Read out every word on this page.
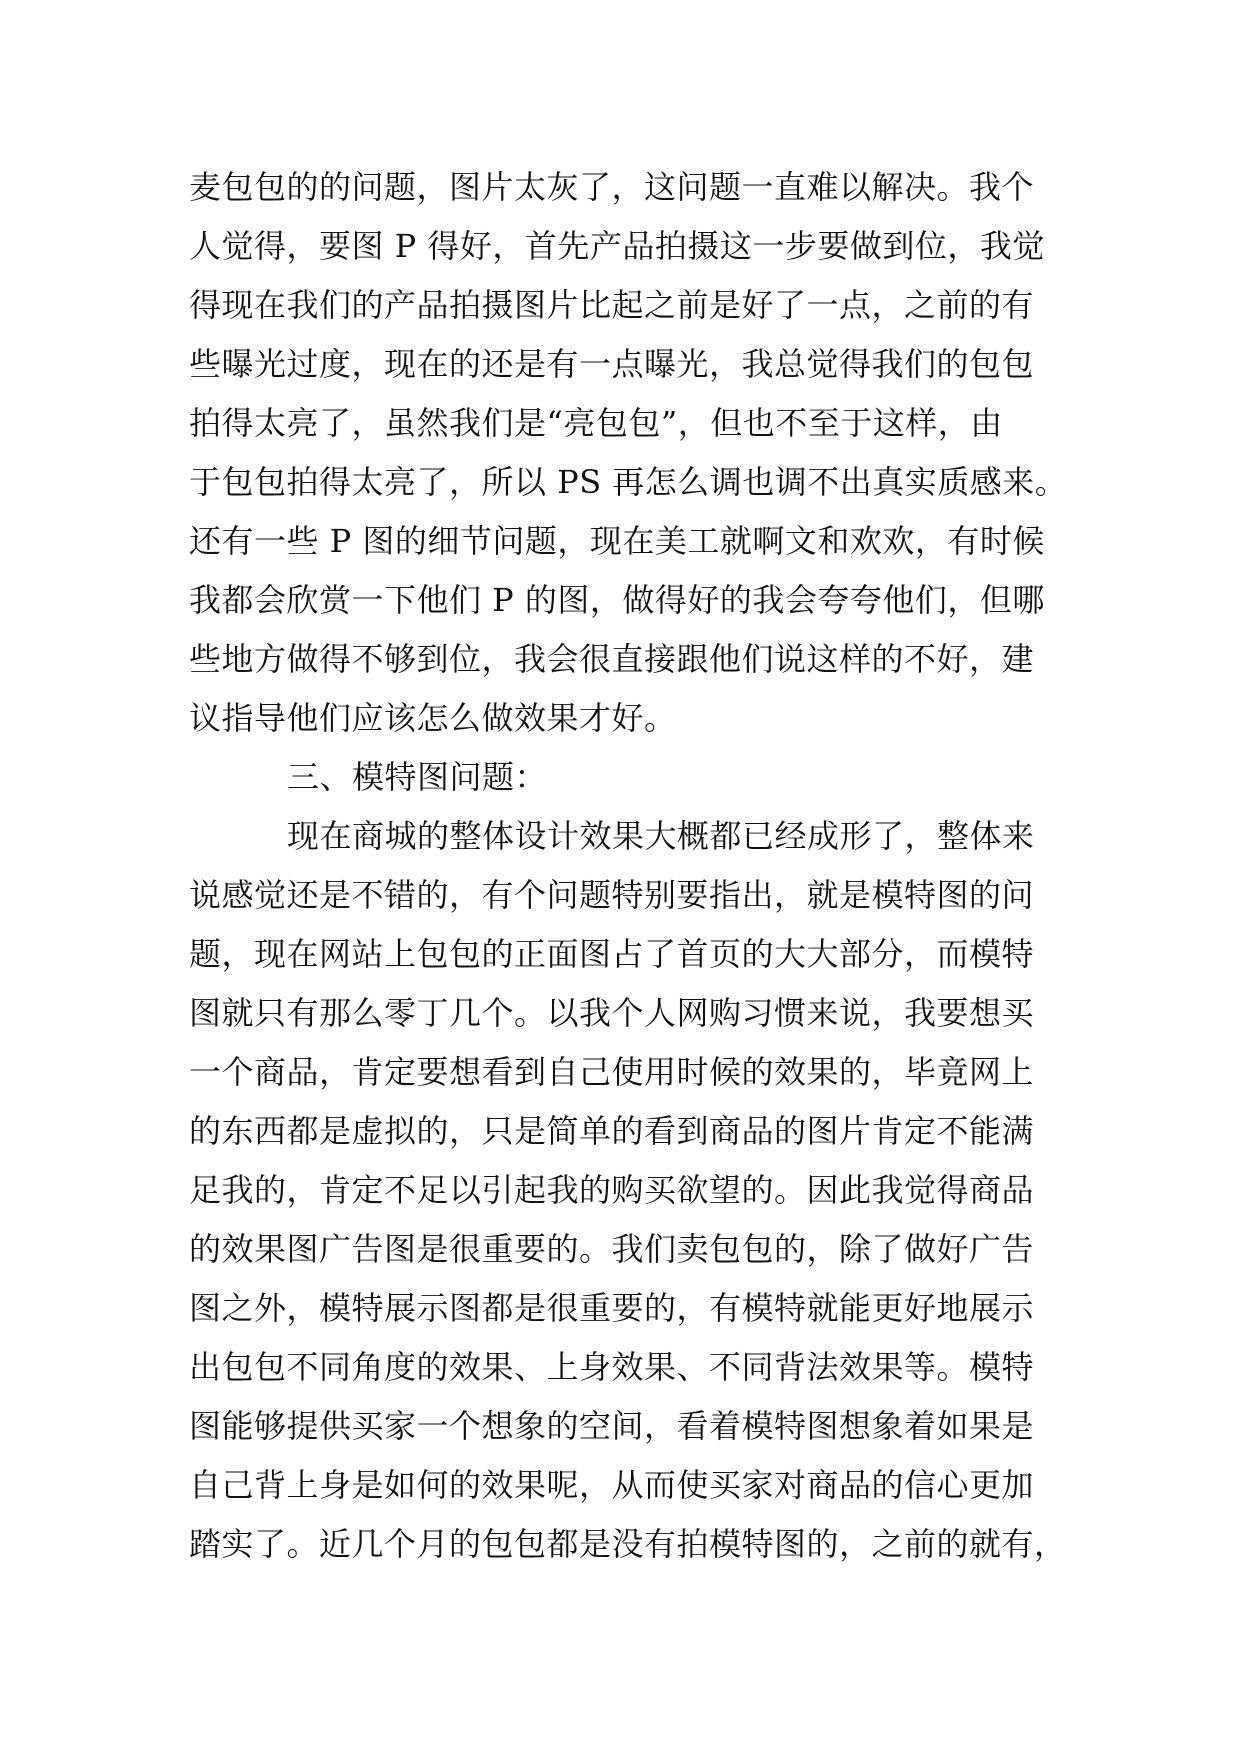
麦包包的的问题，图片太灰了，这问题一直难以解决。我个
人觉得，要图 P 得好，首先产品拍摄这一步要做到位，我觉
得现在我们的产品拍摄图片比起之前是好了一点，之前的有
些曝光过度，现在的还是有一点曝光，我总觉得我们的包包
拍得太亮了，虽然我们是“亮包包”，但也不至于这样，由
于包包拍得太亮了，所以 PS 再怎么调也调不出真实质感来。
还有一些 P 图的细节问题，现在美工就啊文和欢欢，有时候
我都会欣赏一下他们 P 的图，做得好的我会夸夸他们，但哪
些地方做得不够到位，我会很直接跟他们说这样的不好，建
议指导他们应该怎么做效果才好。
三、模特图问题：
现在商城的整体设计效果大概都已经成形了，整体来
说感觉还是不错的，有个问题特别要指出，就是模特图的问
题，现在网站上包包的正面图占了首页的大大部分，而模特
图就只有那么零丁几个。以我个人网购习惯来说，我要想买
一个商品，肯定要想看到自己使用时候的效果的，毕竟网上
的东西都是虚拟的，只是简单的看到商品的图片肯定不能满
足我的，肯定不足以引起我的购买欲望的。因此我觉得商品
的效果图广告图是很重要的。我们卖包包的，除了做好广告
图之外，模特展示图都是很重要的，有模特就能更好地展示
出包包不同角度的效果、上身效果、不同背法效果等。模特
图能够提供买家一个想象的空间，看着模特图想象着如果是
自己背上身是如何的效果呢，从而使买家对商品的信心更加
踏实了。近几个月的包包都是没有拍模特图的，之前的就有，
